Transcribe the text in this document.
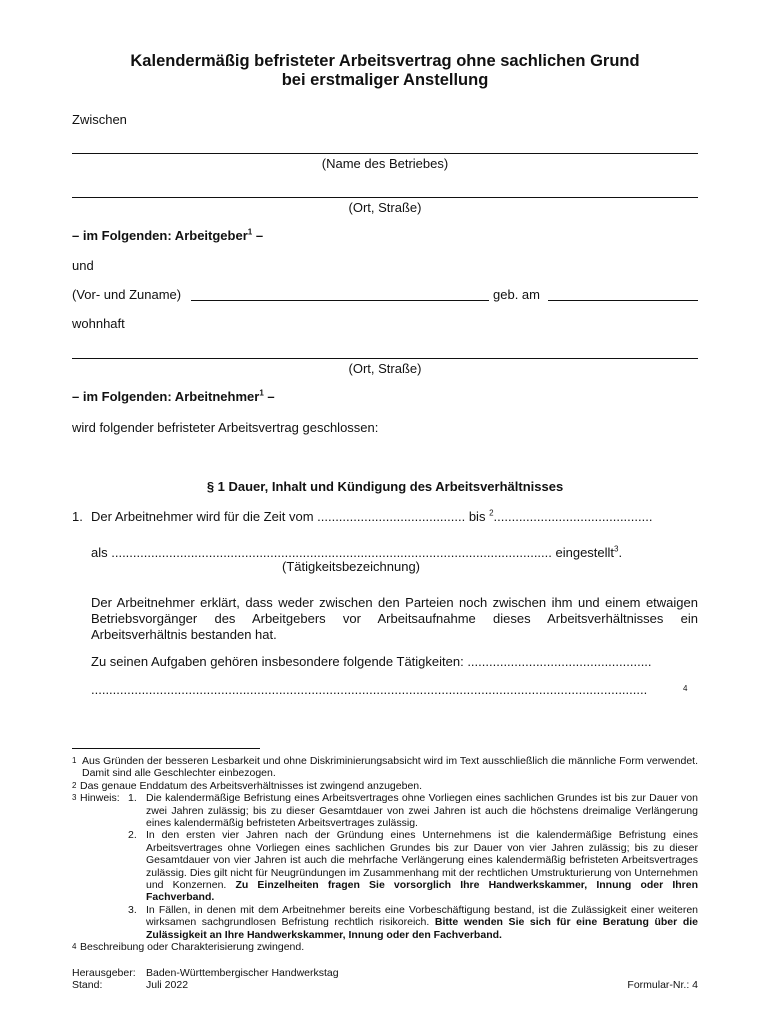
Kalendermäßig befristeter Arbeitsvertrag ohne sachlichen Grund
bei erstmaliger Anstellung
Zwischen
(Name des Betriebes)
(Ort, Straße)
– im Folgenden: Arbeitgeber$^1$ –
und
(Vor- und Zuname)	geb. am
wohnhaft
(Ort, Straße)
– im Folgenden: Arbeitnehmer$^1$ –
wird folgender befristeter Arbeitsvertrag geschlossen:
§ 1 Dauer, Inhalt und Kündigung des Arbeitsverhältnisses
1. Der Arbeitnehmer wird für die Zeit vom ......................................... bis $^2$............................................
als .......................................................................................................................... eingestellt$^3$.
(Tätigkeitsbezeichnung)
Der Arbeitnehmer erklärt, dass weder zwischen den Parteien noch zwischen ihm und einem etwaigen Betriebsvorgänger des Arbeitgebers vor Arbeitsaufnahme dieses Arbeitsverhältnisses ein Arbeitsverhältnis bestanden hat.
Zu seinen Aufgaben gehören insbesondere folgende Tätigkeiten: ...................................................
..........................................................................................................................................................	4
1 Aus Gründen der besseren Lesbarkeit und ohne Diskriminierungsabsicht wird im Text ausschließlich die männliche Form verwendet. Damit sind alle Geschlechter einbezogen.
2 Das genaue Enddatum des Arbeitsverhältnisses ist zwingend anzugeben.
3 Hinweis: 1. Die kalendermäßige Befristung eines Arbeitsvertrages ohne Vorliegen eines sachlichen Grundes ist bis zur Dauer von zwei Jahren zulässig; bis zu dieser Gesamtdauer von zwei Jahren ist auch die höchstens dreimalige Verlängerung eines kalendermäßig befristeten Arbeitsvertrages zulässig.
2. In den ersten vier Jahren nach der Gründung eines Unternehmens ist die kalendermäßige Befristung eines Arbeitsvertrages ohne Vorliegen eines sachlichen Grundes bis zur Dauer von vier Jahren zulässig; bis zu dieser Gesamtdauer von vier Jahren ist auch die mehrfache Verlängerung eines kalendermäßig befristeten Arbeitsvertrages zulässig. Dies gilt nicht für Neugründungen im Zusammenhang mit der rechtlichen Umstrukturierung von Unternehmen und Konzernen. Zu Einzelheiten fragen Sie vorsorglich Ihre Handwerkskammer, Innung oder Ihren Fachverband.
3. In Fällen, in denen mit dem Arbeitnehmer bereits eine Vorbeschäftigung bestand, ist die Zulässigkeit einer weiteren wirksamen sachgrundlosen Befristung rechtlich risikoreich. Bitte wenden Sie sich für eine Beratung über die Zulässigkeit an Ihre Handwerkskammer, Innung oder den Fachverband.
4 Beschreibung oder Charakterisierung zwingend.
Herausgeber: Baden-Württembergischer Handwerkstag
Stand:	Juli 2022	Formular-Nr.: 4
